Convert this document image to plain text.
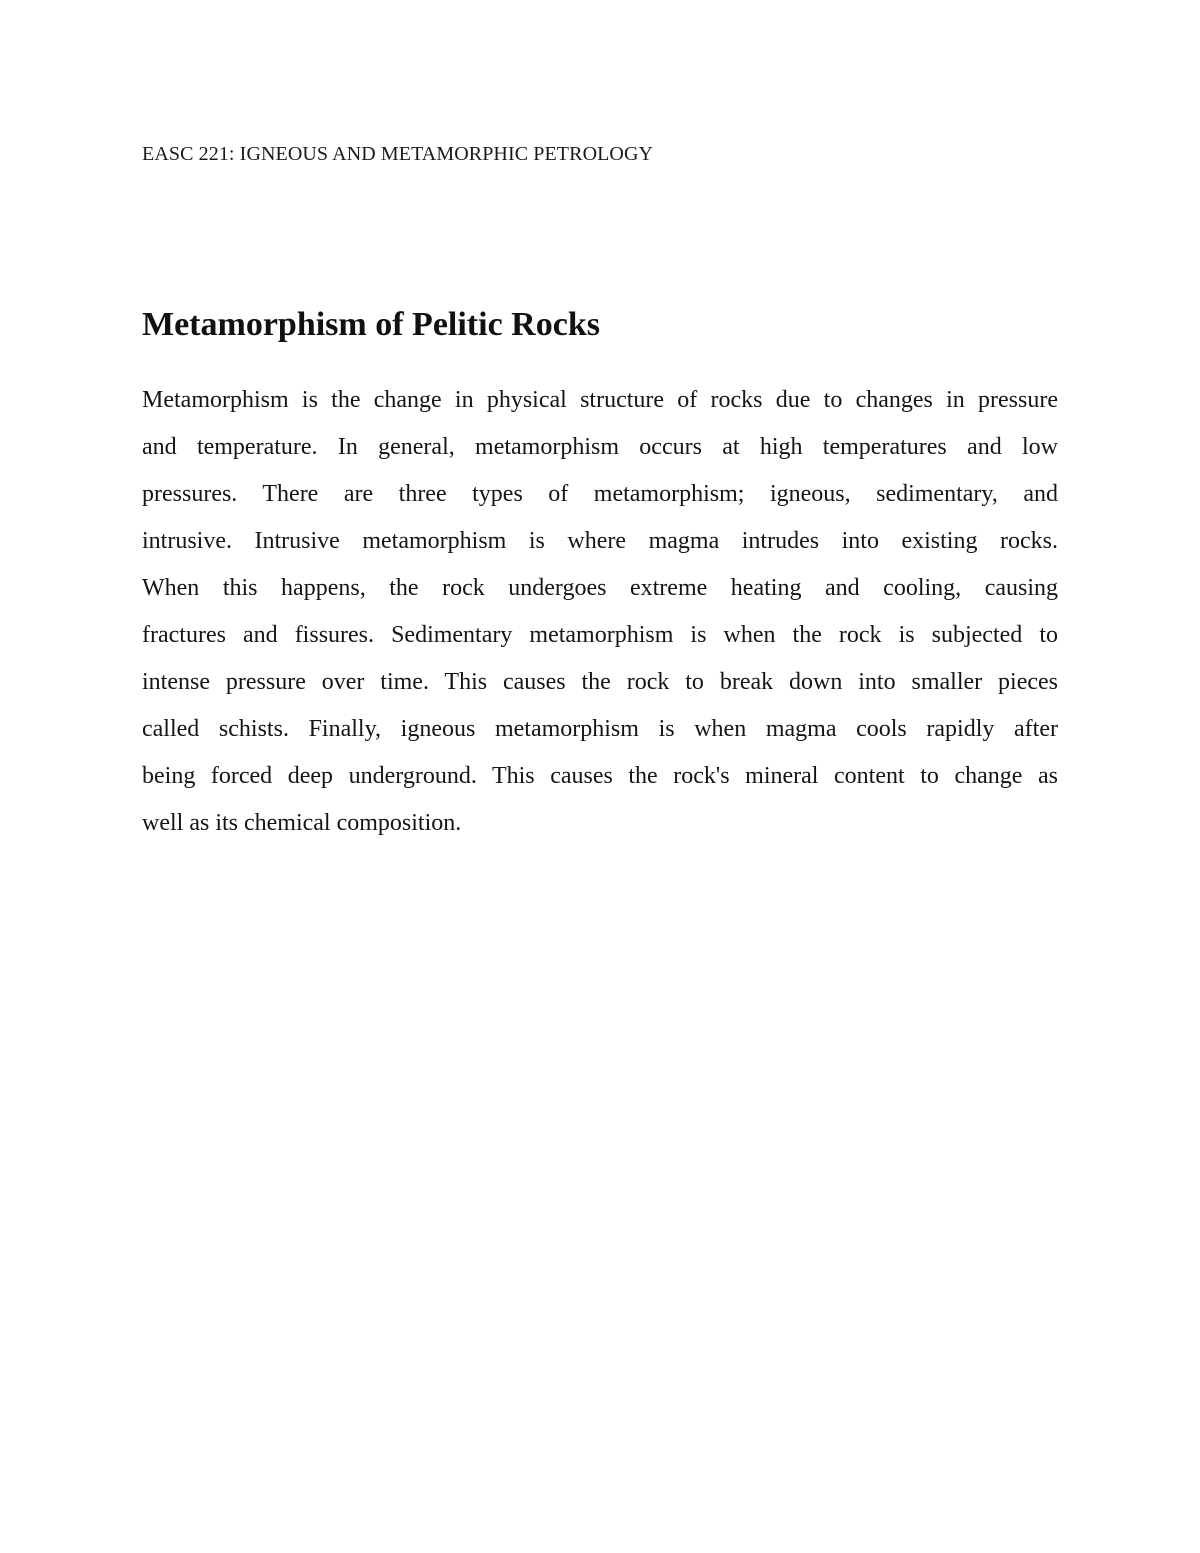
EASC 221: IGNEOUS AND METAMORPHIC PETROLOGY
Metamorphism of Pelitic Rocks
Metamorphism is the change in physical structure of rocks due to changes in pressure
and temperature. In general, metamorphism occurs at high temperatures and low
pressures. There are three types of metamorphism; igneous, sedimentary, and
intrusive. Intrusive metamorphism is where magma intrudes into existing rocks.
When this happens, the rock undergoes extreme heating and cooling, causing
fractures and fissures. Sedimentary metamorphism is when the rock is subjected to
intense pressure over time. This causes the rock to break down into smaller pieces
called schists. Finally, igneous metamorphism is when magma cools rapidly after
being forced deep underground. This causes the rock's mineral content to change as
well as its chemical composition.
